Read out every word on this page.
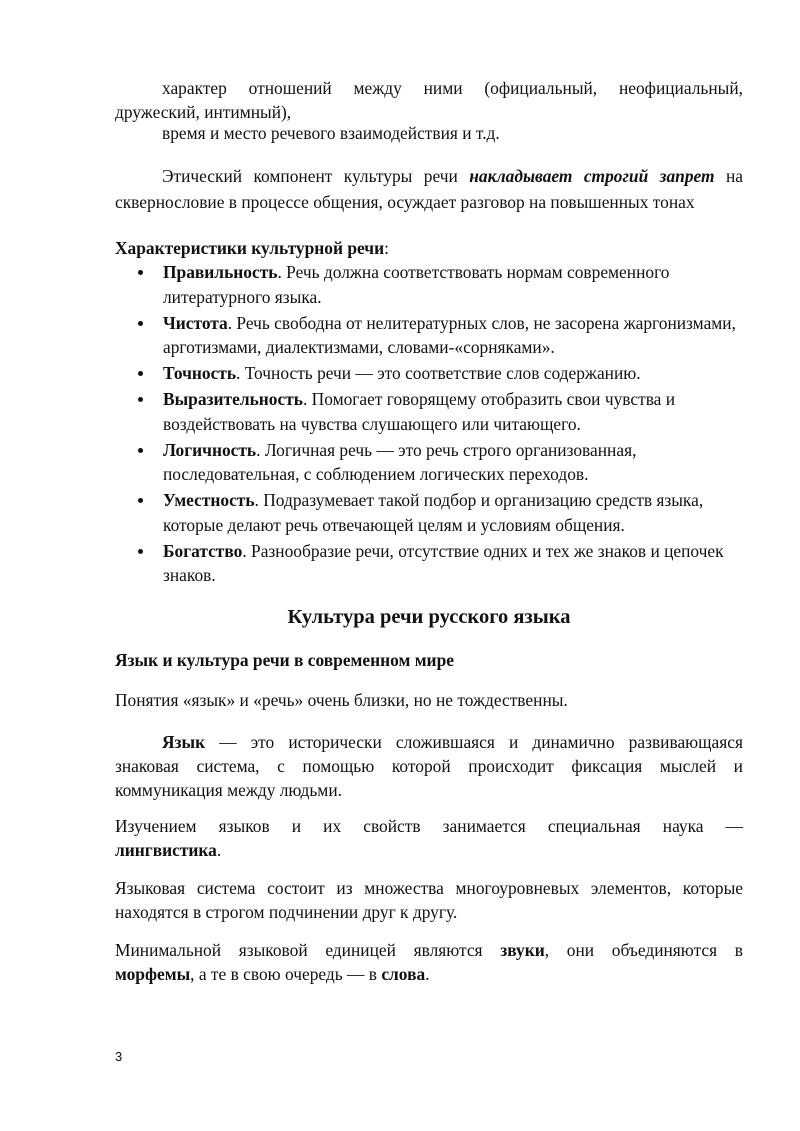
характер отношений между ними (официальный, неофициальный,
дружеский, интимный),
время и место речевого взаимодействия и т.д.
Этический компонент культуры речи накладывает строгий запрет на
сквернословие в процессе общения, осуждает разговор на повышенных тонах
Характеристики культурной речи:
Правильность. Речь должна соответствовать нормам современного литературного языка.
Чистота. Речь свободна от нелитературных слов, не засорена жаргонизмами, арготизмами, диалектизмами, словами-«сорняками».
Точность. Точность речи — это соответствие слов содержанию.
Выразительность. Помогает говорящему отобразить свои чувства и воздействовать на чувства слушающего или читающего.
Логичность. Логичная речь — это речь строго организованная, последовательная, с соблюдением логических переходов.
Уместность. Подразумевает такой подбор и организацию средств языка, которые делают речь отвечающей целям и условиям общения.
Богатство. Разнообразие речи, отсутствие одних и тех же знаков и цепочек знаков.
Культура речи русского языка
Язык и культура речи в современном мире
Понятия «язык» и «речь» очень близки, но не тождественны.
Язык — это исторически сложившаяся и динамично развивающаяся знаковая система, с помощью которой происходит фиксация мыслей и коммуникация между людьми.
Изучением языков и их свойств занимается специальная наука —
лингвистика.
Языковая система состоит из множества многоуровневых элементов, которые находятся в строгом подчинении друг к другу.
Минимальной языковой единицей являются звуки, они объединяются в
морфемы, а те в свою очередь — в слова.

3
